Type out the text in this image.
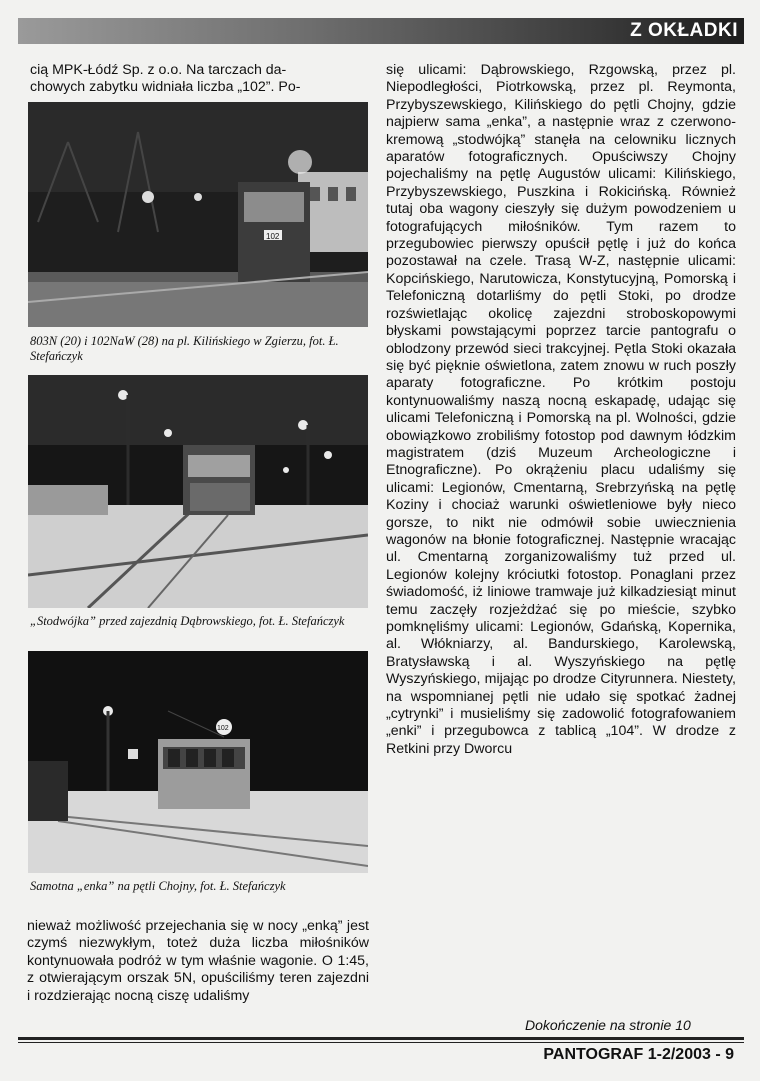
Z OKŁADKI
cią MPK-Łódź Sp. z o.o. Na tarczach da-
chowych zabytku widniała liczba „102”. Po-
102
803N (20) i 102NaW (28) na pl. Kilińskiego w Zgierzu, fot. Ł. Stefańczyk
„Stodwójka” przed zajezdnią Dąbrowskiego, fot. Ł. Stefańczyk
102
Samotna „enka” na pętli Chojny, fot. Ł. Stefańczyk

nieważ możliwość przejechania się w nocy „enką” jest czymś niezwykłym, toteż duża liczba miłośników kontynuowała podróż w tym właśnie wagonie. O 1:45, z otwierającym orszak 5N, opuściliśmy teren zajezdni i rozdzierając nocną ciszę udaliśmy

się ulicami: Dąbrowskiego, Rzgowską, przez pl. Niepodległości, Piotrkowską, przez pl. Reymonta, Przybyszewskiego, Kilińskiego do pętli Chojny, gdzie najpierw sama „enka”, a następnie wraz z czerwono-kremową „stodwójką” stanęła na celowniku licznych aparatów fotograficznych. Opuściwszy Chojny pojechaliśmy na pętlę Augustów ulicami: Kilińskiego, Przybyszewskiego, Puszkina i Rokicińską. Również tutaj oba wagony cieszyły się dużym powodzeniem u fotografujących miłośników. Tym razem to przegubowiec pierwszy opuścił pętlę i już do końca pozostawał na czele. Trasą W-Z, następnie ulicami: Kopcińskiego, Narutowicza, Konstytucyjną, Pomorską i Telefoniczną dotarliśmy do pętli Stoki, po drodze rozświetlając okolicę zajezdni stroboskopowymi błyskami powstającymi poprzez tarcie pantografu o oblodzony przewód sieci trakcyjnej. Pętla Stoki okazała się być pięknie oświetlona, zatem znowu w ruch poszły aparaty fotograficzne. Po krótkim postoju kontynuowaliśmy naszą nocną eskapadę, udając się ulicami Telefoniczną i Pomorską na pl. Wolności, gdzie obowiązkowo zrobiliśmy fotostop pod dawnym łódzkim magistratem (dziś Muzeum Archeologiczne i Etnograficzne). Po okrążeniu placu udaliśmy się ulicami: Legionów, Cmentarną, Srebrzyńską na pętlę Koziny i chociaż warunki oświetleniowe były nieco gorsze, to nikt nie odmówił sobie uwiecznienia wagonów na błonie fotograficznej. Następnie wracając ul. Cmentarną zorganizowaliśmy tuż przed ul. Legionów kolejny króciutki fotostop. Ponaglani przez świadomość, iż liniowe tramwaje już kilkadziesiąt minut temu zaczęły rozjeżdżać się po mieście, szybko pomknęliśmy ulicami: Legionów, Gdańską, Kopernika, al. Włókniarzy, al. Bandurskiego, Karolewską, Bratysławską i al. Wyszyńskiego na pętlę Wyszyńskiego, mijając po drodze Cityrunnera. Niestety, na wspomnianej pętli nie udało się spotkać żadnej „cytrynki” i musieliśmy się zadowolić fotografowaniem „enki” i przegubowca z tablicą „104”. W drodze z Retkini przy Dworcu

Dokończenie na stronie 10
PANTOGRAF 1-2/2003 - 9
